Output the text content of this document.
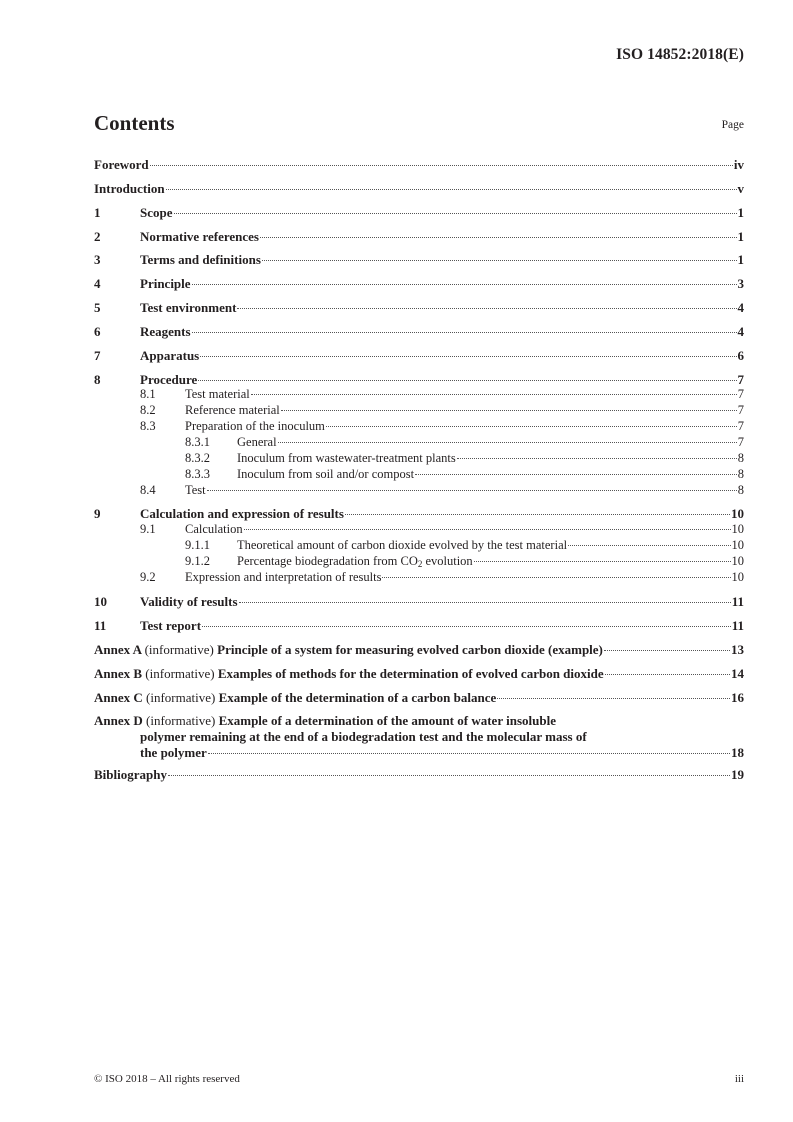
ISO 14852:2018(E)
Contents	Page
Foreword	iv
Introduction	v
1	Scope	1
2	Normative references	1
3	Terms and definitions	1
4	Principle	3
5	Test environment	4
6	Reagents	4
7	Apparatus	6
8	Procedure	7
8.1	Test material	7
8.2	Reference material	7
8.3	Preparation of the inoculum	7
8.3.1	General	7
8.3.2	Inoculum from wastewater-treatment plants	8
8.3.3	Inoculum from soil and/or compost	8
8.4	Test	8
9	Calculation and expression of results	10
9.1	Calculation	10
9.1.1	Theoretical amount of carbon dioxide evolved by the test material	10
9.1.2	Percentage biodegradation from $CO_2$ evolution	10
9.2	Expression and interpretation of results	10
10	Validity of results	11
11	Test report	11
Annex A (informative) Principle of a system for measuring evolved carbon dioxide (example)	13
Annex B (informative) Examples of methods for the determination of evolved carbon dioxide	14
Annex C (informative) Example of the determination of a carbon balance	16
Annex D (informative) Example of a determination of the amount of water insoluble
polymer remaining at the end of a biodegradation test and the molecular mass of
the polymer	18
Bibliography	19
© ISO 2018 – All rights reserved	iii
